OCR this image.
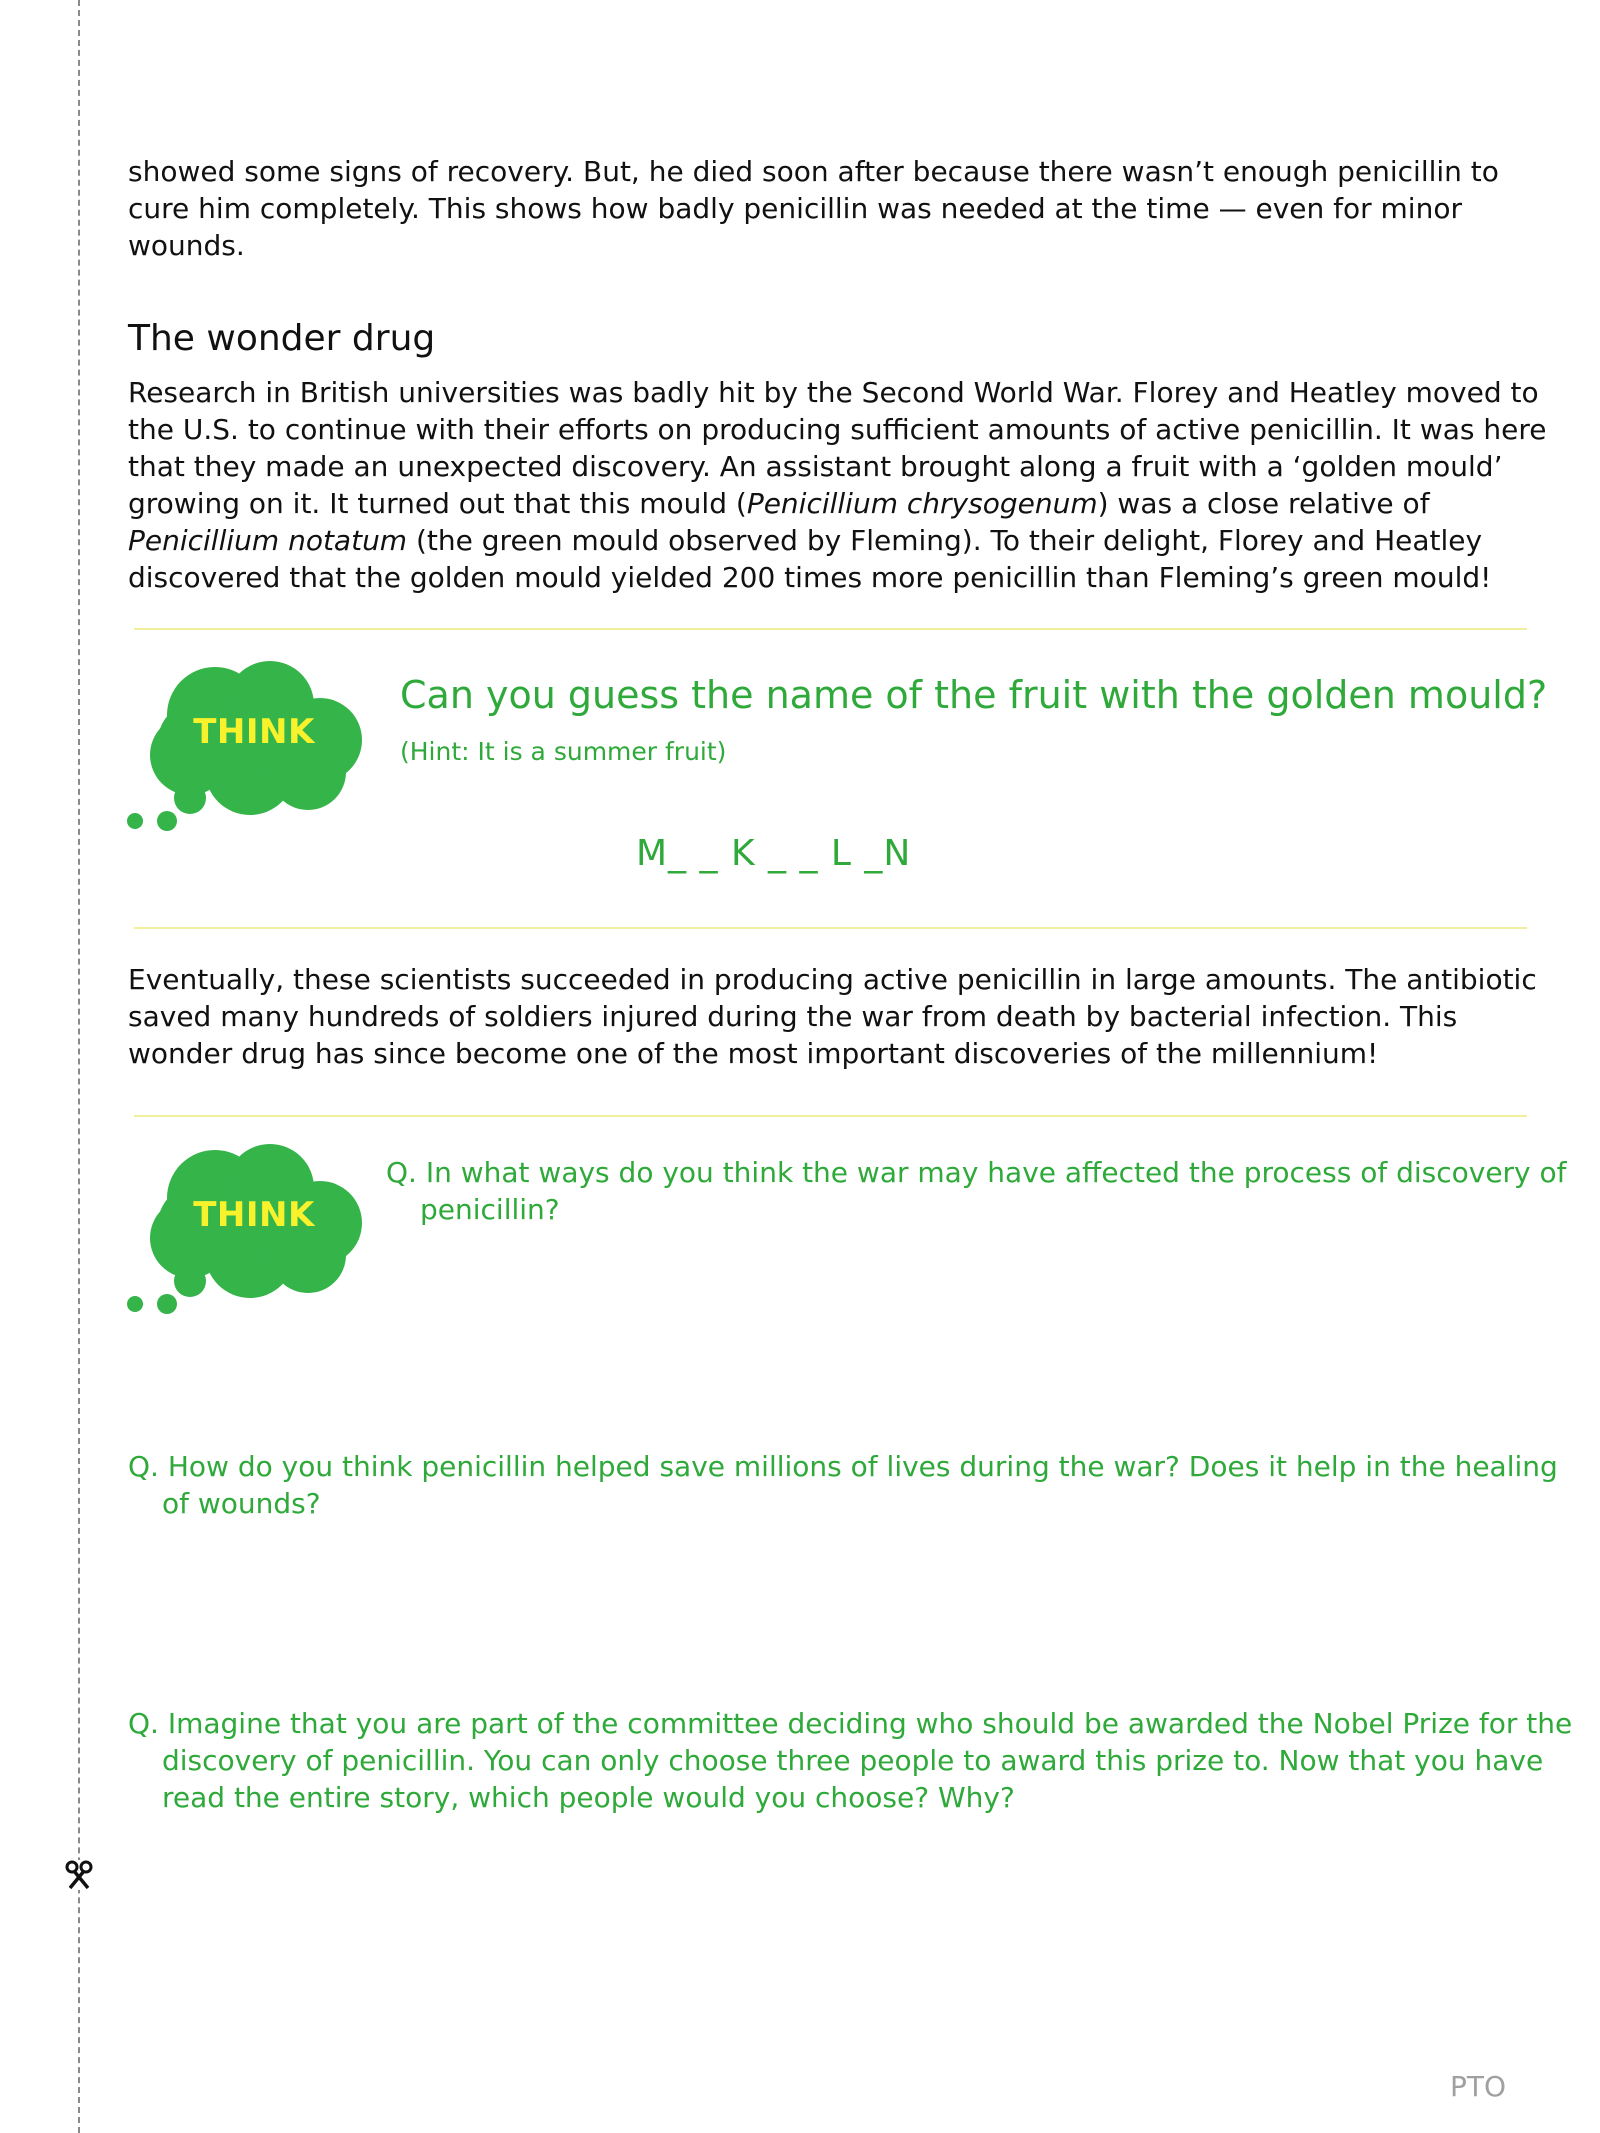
showed some signs of recovery. But, he died soon after because there wasn’t enough penicillin to cure him completely. This shows how badly penicillin was needed at the time — even for minor wounds.

The wonder drug

Research in British universities was badly hit by the Second World War. Florey and Heatley moved to the U.S. to continue with their efforts on producing sufficient amounts of active penicillin. It was here that they made an unexpected discovery. An assistant brought along a fruit with a ‘golden mould’ growing on it. It turned out that this mould (Penicillium chrysogenum) was a close relative of Penicillium notatum (the green mould observed by Fleming). To their delight, Florey and Heatley discovered that the golden mould yielded 200 times more penicillin than Fleming’s green mould!

THINK

Can you guess the name of the fruit with the golden mould?

(Hint: It is a summer fruit)

M_ _ K _ _ L _N

Eventually, these scientists succeeded in producing active penicillin in large amounts. The antibiotic saved many hundreds of soldiers injured during the war from death by bacterial infection. This wonder drug has since become one of the most important discoveries of the millennium!

THINK

Q. In what ways do you think the war may have affected the process of discovery of penicillin?

Q. How do you think penicillin helped save millions of lives during the war? Does it help in the healing of wounds?

Q. Imagine that you are part of the committee deciding who should be awarded the Nobel Prize for the discovery of penicillin. You can only choose three people to award this prize to. Now that you have read the entire story, which people would you choose? Why?

PTO
